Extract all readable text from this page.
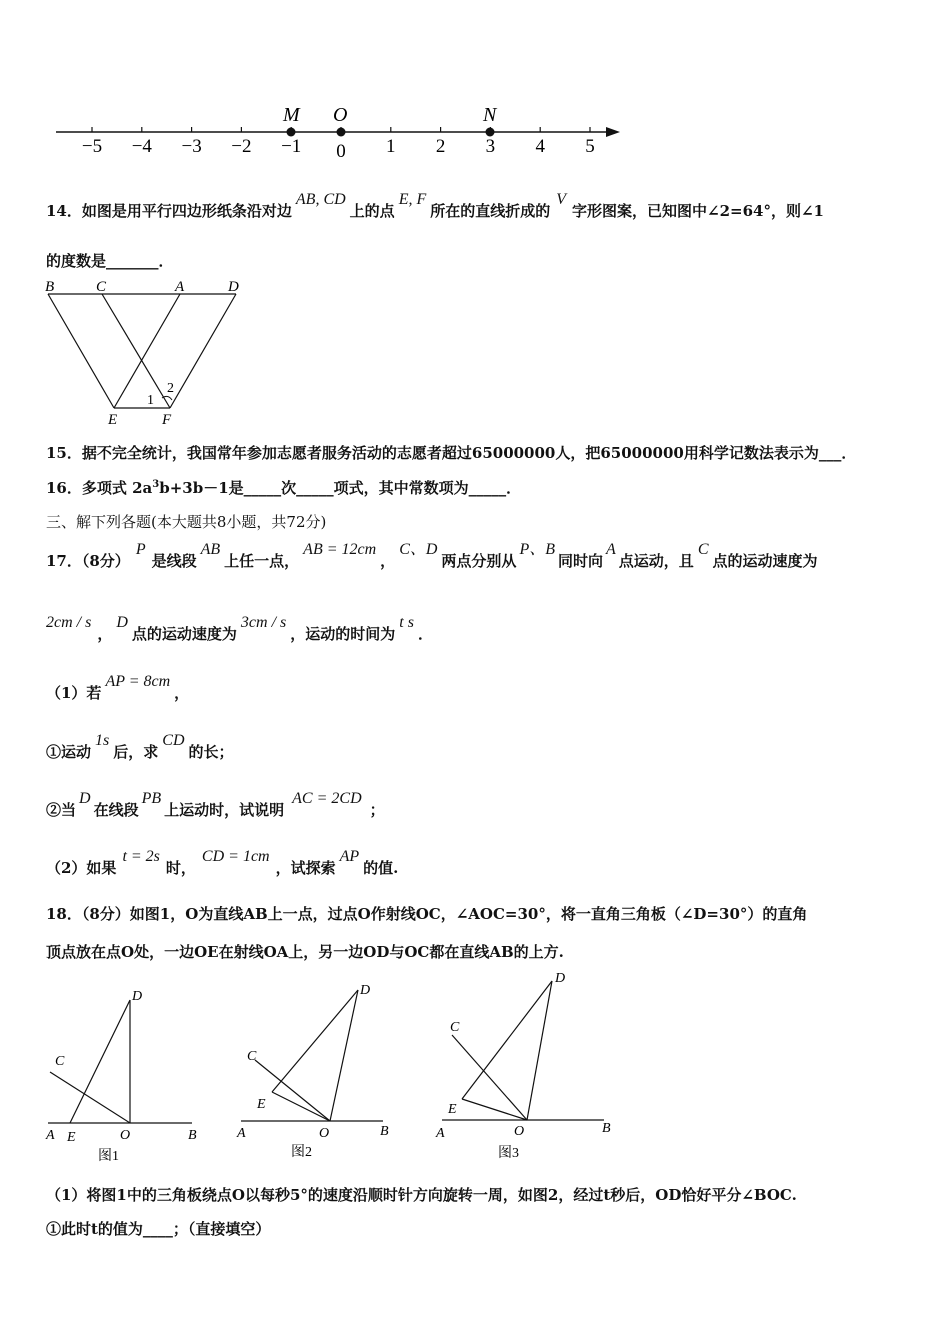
−5 −4 −3 −2 −1 0 1 2 3 4 5
M O	N
14．如图是用平行四边形纸条沿对边AB, CD上的点E, F所在的直线折成的V字形图案，已知图中∠2=64°，则∠1
的度数是_______．
B	C	A	D
E	F
1
2
15．据不完全统计，我国常年参加志愿者服务活动的志愿者超过65000000人，把65000000用科学记数法表示为___．
16．多项式 $2a^3b+3b-1$是_____次_____项式，其中常数项为_____．
三、解下列各题(本大题共8小题，共72分)
17．（8分）P是线段AB上任一点，AB = 12cm，C、D两点分别从P、B同时向A点运动，且C点的运动速度为
2cm / s，D点的运动速度为3cm / s，运动的时间为t s．
（1）若AP = 8cm，
①运动1s后，求CD的长；
②当D在线段PB上运动时，试说明AC = 2CD；
（2）如果t = 2s时，CD = 1cm，试探索AP的值.
18．（8分）如图1，O为直线AB上一点，过点O作射线OC，∠AOC=30°，将一直角三角板（∠D=30°）的直角
顶点放在点O处，一边OE在射线OA上，另一边OD与OC都在直线AB的上方.
D
C
A E	O	B
图1
D
C
E
A	O	B
图2
D
C
E
A	O	B
图3
（1）将图1中的三角板绕点O以每秒5°的速度沿顺时针方向旋转一周，如图2，经过t秒后，OD恰好平分∠BOC.
①此时t的值为____；（直接填空）
